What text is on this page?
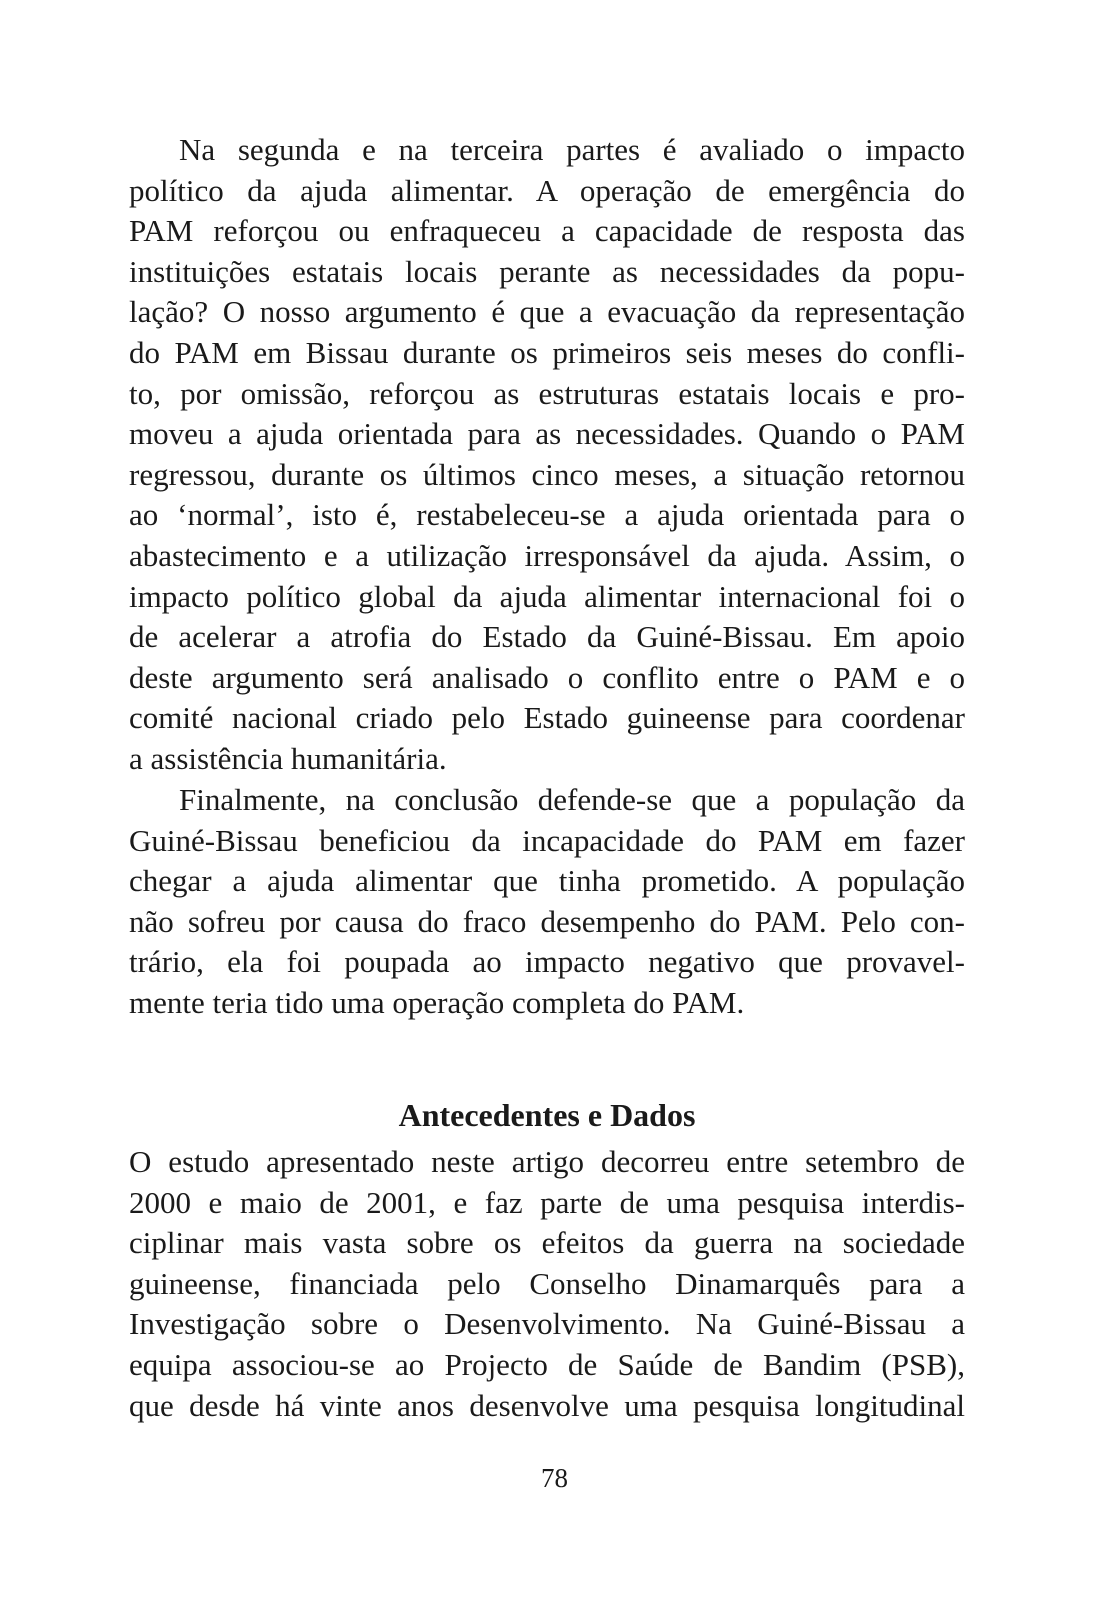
Na segunda e na terceira partes é avaliado o impacto
político da ajuda alimentar. A operação de emergência do
PAM reforçou ou enfraqueceu a capacidade de resposta das
instituições estatais locais perante as necessidades da popu-
lação? O nosso argumento é que a evacuação da representação
do PAM em Bissau durante os primeiros seis meses do confli-
to, por omissão, reforçou as estruturas estatais locais e pro-
moveu a ajuda orientada para as necessidades. Quando o PAM
regressou, durante os últimos cinco meses, a situação retornou
ao ‘normal’, isto é, restabeleceu-se a ajuda orientada para o
abastecimento e a utilização irresponsável da ajuda. Assim, o
impacto político global da ajuda alimentar internacional foi o
de acelerar a atrofia do Estado da Guiné-Bissau. Em apoio
deste argumento será analisado o conflito entre o PAM e o
comité nacional criado pelo Estado guineense para coordenar
a assistência humanitária.
Finalmente, na conclusão defende-se que a população da
Guiné-Bissau beneficiou da incapacidade do PAM em fazer
chegar a ajuda alimentar que tinha prometido. A população
não sofreu por causa do fraco desempenho do PAM. Pelo con-
trário, ela foi poupada ao impacto negativo que provavel-
mente teria tido uma operação completa do PAM.
Antecedentes e Dados
O estudo apresentado neste artigo decorreu entre setembro de
2000 e maio de 2001, e faz parte de uma pesquisa interdis-
ciplinar mais vasta sobre os efeitos da guerra na sociedade
guineense, financiada pelo Conselho Dinamarquês para a
Investigação sobre o Desenvolvimento. Na Guiné-Bissau a
equipa associou-se ao Projecto de Saúde de Bandim (PSB),
que desde há vinte anos desenvolve uma pesquisa longitudinal
78
